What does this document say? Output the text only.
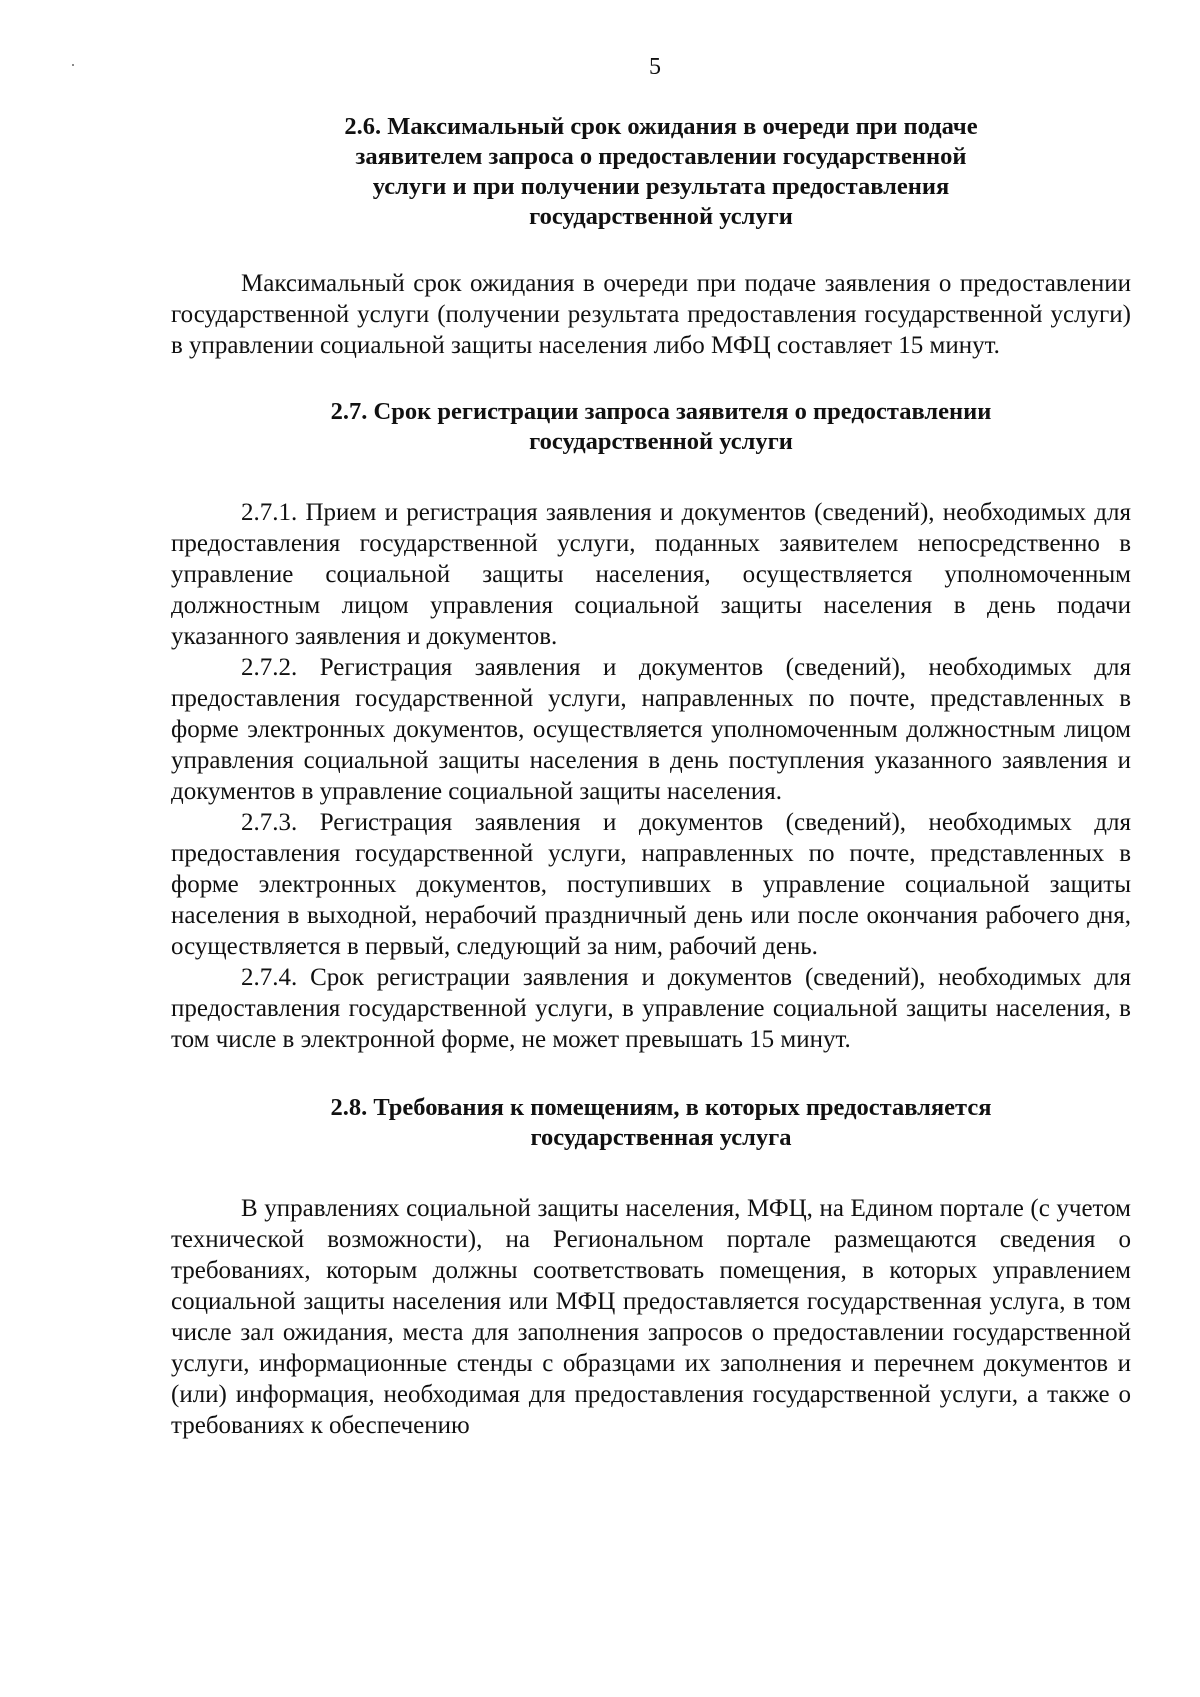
5
2.6. Максимальный срок ожидания в очереди при подаче
заявителем запроса о предоставлении государственной
услуги и при получении результата предоставления
государственной услуги

Максимальный срок ожидания в очереди при подаче заявления о предоставлении государственной услуги (получении результата предоставления государственной услуги) в управлении социальной защиты населения либо МФЦ составляет 15 минут.

2.7. Срок регистрации запроса заявителя о предоставлении
государственной услуги

2.7.1. Прием и регистрация заявления и документов (сведений), необходимых для предоставления государственной услуги, поданных заявителем непосредственно в управление социальной защиты населения, осуществляется уполномоченным должностным лицом управления социальной защиты населения в день подачи указанного заявления и документов.

2.7.2. Регистрация заявления и документов (сведений), необходимых для предоставления государственной услуги, направленных по почте, представленных в форме электронных документов, осуществляется уполномоченным должностным лицом управления социальной защиты населения в день поступления указанного заявления и документов в управление социальной защиты населения.

2.7.3. Регистрация заявления и документов (сведений), необходимых для предоставления государственной услуги, направленных по почте, представленных в форме электронных документов, поступивших в управление социальной защиты населения в выходной, нерабочий праздничный день или после окончания рабочего дня, осуществляется в первый, следующий за ним, рабочий день.

2.7.4. Срок регистрации заявления и документов (сведений), необходимых для предоставления государственной услуги, в управление социальной защиты населения, в том числе в электронной форме, не может превышать 15 минут.

2.8. Требования к помещениям, в которых предоставляется
государственная услуга

В управлениях социальной защиты населения, МФЦ, на Едином портале (с учетом технической возможности), на Региональном портале размещаются сведения о требованиях, которым должны соответствовать помещения, в которых управлением социальной защиты населения или МФЦ предоставляется государственная услуга, в том числе зал ожидания, места для заполнения запросов о предоставлении государственной услуги, информационные стенды с образцами их заполнения и перечнем документов и (или) информация, необходимая для предоставления государственной услуги, а также о требованиях к обеспечению
